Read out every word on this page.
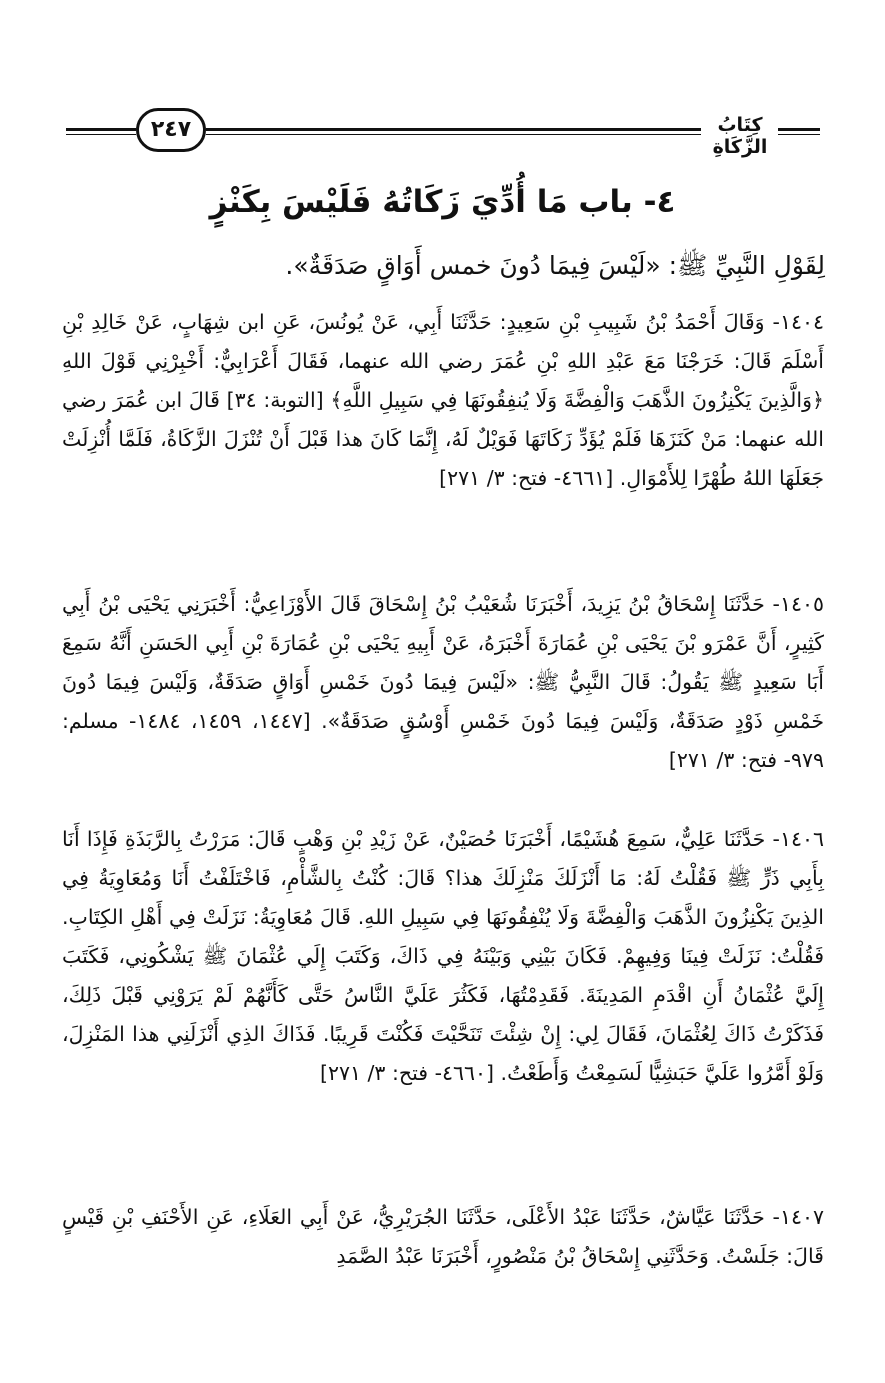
٢٤٧	كِتَابُ الزَّكَاةِ
٤- باب مَا أُدِّيَ زَكَاتُهُ فَلَيْسَ بِكَنْزٍ
لِقَوْلِ النَّبِيِّ ﷺ: «لَيْسَ فِيمَا دُونَ خمس أَوَاقٍ صَدَقَةٌ».

١٤٠٤- وَقَالَ أَحْمَدُ بْنُ شَبِيبِ بْنِ سَعِيدٍ: حَدَّثَنَا أَبِي، عَنْ يُونُسَ، عَنِ ابن شِهَابٍ، عَنْ خَالِدِ بْنِ أَسْلَمَ قَالَ: خَرَجْنَا مَعَ عَبْدِ اللهِ بْنِ عُمَرَ رضي الله عنهما، فَقَالَ أَعْرَابِيٌّ: أَخْبِرْنِي قَوْلَ اللهِ ﴿وَالَّذِينَ يَكْنِزُونَ الذَّهَبَ وَالْفِضَّةَ وَلَا يُنفِقُونَهَا فِي سَبِيلِ اللَّهِ﴾ [التوبة: ٣٤] قَالَ ابن عُمَرَ رضي الله عنهما: مَنْ كَنَزَهَا فَلَمْ يُؤَدِّ زَكَاتَهَا فَوَيْلٌ لَهُ، إِنَّمَا كَانَ هذا قَبْلَ أَنْ تُنْزَلَ الزَّكَاةُ، فَلَمَّا أُنْزِلَتْ جَعَلَهَا اللهُ طُهْرًا لِلأَمْوَالِ. [٤٦٦١- فتح: ٣/ ٢٧١]

١٤٠٥- حَدَّثَنَا إِسْحَاقُ بْنُ يَزِيدَ، أَخْبَرَنَا شُعَيْبُ بْنُ إِسْحَاقَ قَالَ الأَوْزَاعِيُّ: أَخْبَرَنِي يَحْيَى بْنُ أَبِي كَثِيرٍ، أَنَّ عَمْرَو بْنَ يَحْيَى بْنِ عُمَارَةَ أَخْبَرَهُ، عَنْ أَبِيهِ يَحْيَى بْنِ عُمَارَةَ بْنِ أَبِي الحَسَنِ أَنَّهُ سَمِعَ أَبَا سَعِيدٍ ﷺ يَقُولُ: قَالَ النَّبِيُّ ﷺ: «لَيْسَ فِيمَا دُونَ خَمْسِ أَوَاقٍ صَدَقَةٌ، وَلَيْسَ فِيمَا دُونَ خَمْسِ ذَوْدٍ صَدَقَةٌ، وَلَيْسَ فِيمَا دُونَ خَمْسِ أَوْسُقٍ صَدَقَةٌ». [١٤٤٧، ١٤٥٩، ١٤٨٤- مسلم: ٩٧٩- فتح: ٣/ ٢٧١]

١٤٠٦- حَدَّثَنَا عَلِيٌّ، سَمِعَ هُشَيْمًا، أَخْبَرَنَا حُصَيْنٌ، عَنْ زَيْدِ بْنِ وَهْبٍ قَالَ: مَرَرْتُ بِالرَّبَذَةِ فَإِذَا أَنَا بِأَبِي ذَرٍّ ﷺ فَقُلْتُ لَهُ: مَا أَنْزَلَكَ مَنْزِلَكَ هذا؟ قَالَ: كُنْتُ بِالشَّأْمِ، فَاخْتَلَفْتُ أَنَا وَمُعَاوِيَةُ فِي الذِينَ يَكْنِزُونَ الذَّهَبَ وَالْفِضَّةَ وَلَا يُنْفِقُونَهَا فِي سَبِيلِ اللهِ. قَالَ مُعَاوِيَةُ: نَزَلَتْ فِي أَهْلِ الكِتَابِ. فَقُلْتُ: نَزَلَتْ فِينَا وَفِيهِمْ. فَكَانَ بَيْنِي وَبَيْنَهُ فِي ذَاكَ، وَكَتَبَ إِلَي عُثْمَانَ ﷺ يَشْكُونِي، فَكَتَبَ إِلَيَّ عُثْمَانُ أَنِ اقْدَمِ المَدِينَةَ. فَقَدِمْتُهَا، فَكَثُرَ عَلَيَّ النَّاسُ حَتَّى كَأَنَّهُمْ لَمْ يَرَوْنِي قَبْلَ ذَلِكَ، فَذَكَرْتُ ذَاكَ لِعُثْمَانَ، فَقَالَ لِي: إِنْ شِئْتَ تَنَحَّيْتَ فَكُنْتَ قَرِيبًا. فَذَاكَ الذِي أَنْزَلَنِي هذا المَنْزِلَ، وَلَوْ أَمَّرُوا عَلَيَّ حَبَشِيًّا لَسَمِعْتُ وَأَطَعْتُ. [٤٦٦٠- فتح: ٣/ ٢٧١]

١٤٠٧- حَدَّثَنَا عَيَّاشٌ، حَدَّثَنَا عَبْدُ الأَعْلَى، حَدَّثَنَا الجُرَيْرِيُّ، عَنْ أَبِي العَلَاءِ، عَنِ الأَحْنَفِ بْنِ قَيْسٍ قَالَ: جَلَسْتُ. وَحَدَّثَنِي إِسْحَاقُ بْنُ مَنْصُورٍ، أَخْبَرَنَا عَبْدُ الصَّمَدِ
